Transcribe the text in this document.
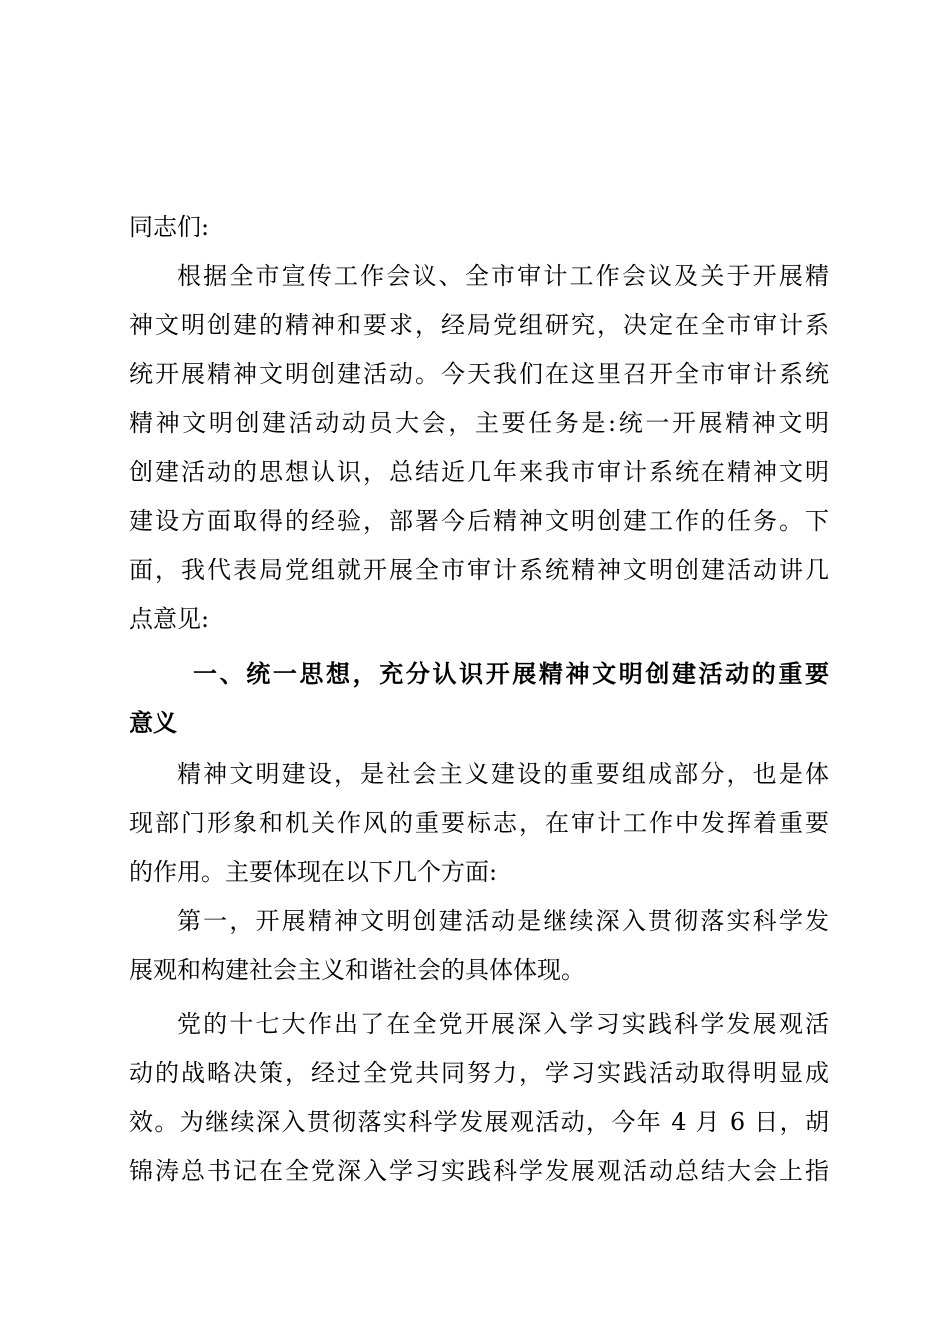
同志们:
根据全市宣传工作会议、全市审计工作会议及关于开展精
神文明创建的精神和要求，经局党组研究，决定在全市审计系
统开展精神文明创建活动。今天我们在这里召开全市审计系统
精神文明创建活动动员大会，主要任务是:统一开展精神文明
创建活动的思想认识，总结近几年来我市审计系统在精神文明
建设方面取得的经验，部署今后精神文明创建工作的任务。下
面，我代表局党组就开展全市审计系统精神文明创建活动讲几
点意见:
一、统一思想，充分认识开展精神文明创建活动的重要
意义
精神文明建设，是社会主义建设的重要组成部分，也是体
现部门形象和机关作风的重要标志，在审计工作中发挥着重要
的作用。主要体现在以下几个方面:
第一，开展精神文明创建活动是继续深入贯彻落实科学发
展观和构建社会主义和谐社会的具体体现。
党的十七大作出了在全党开展深入学习实践科学发展观活
动的战略决策，经过全党共同努力，学习实践活动取得明显成
效。为继续深入贯彻落实科学发展观活动，今年 4 月 6 日，胡
锦涛总书记在全党深入学习实践科学发展观活动总结大会上指
